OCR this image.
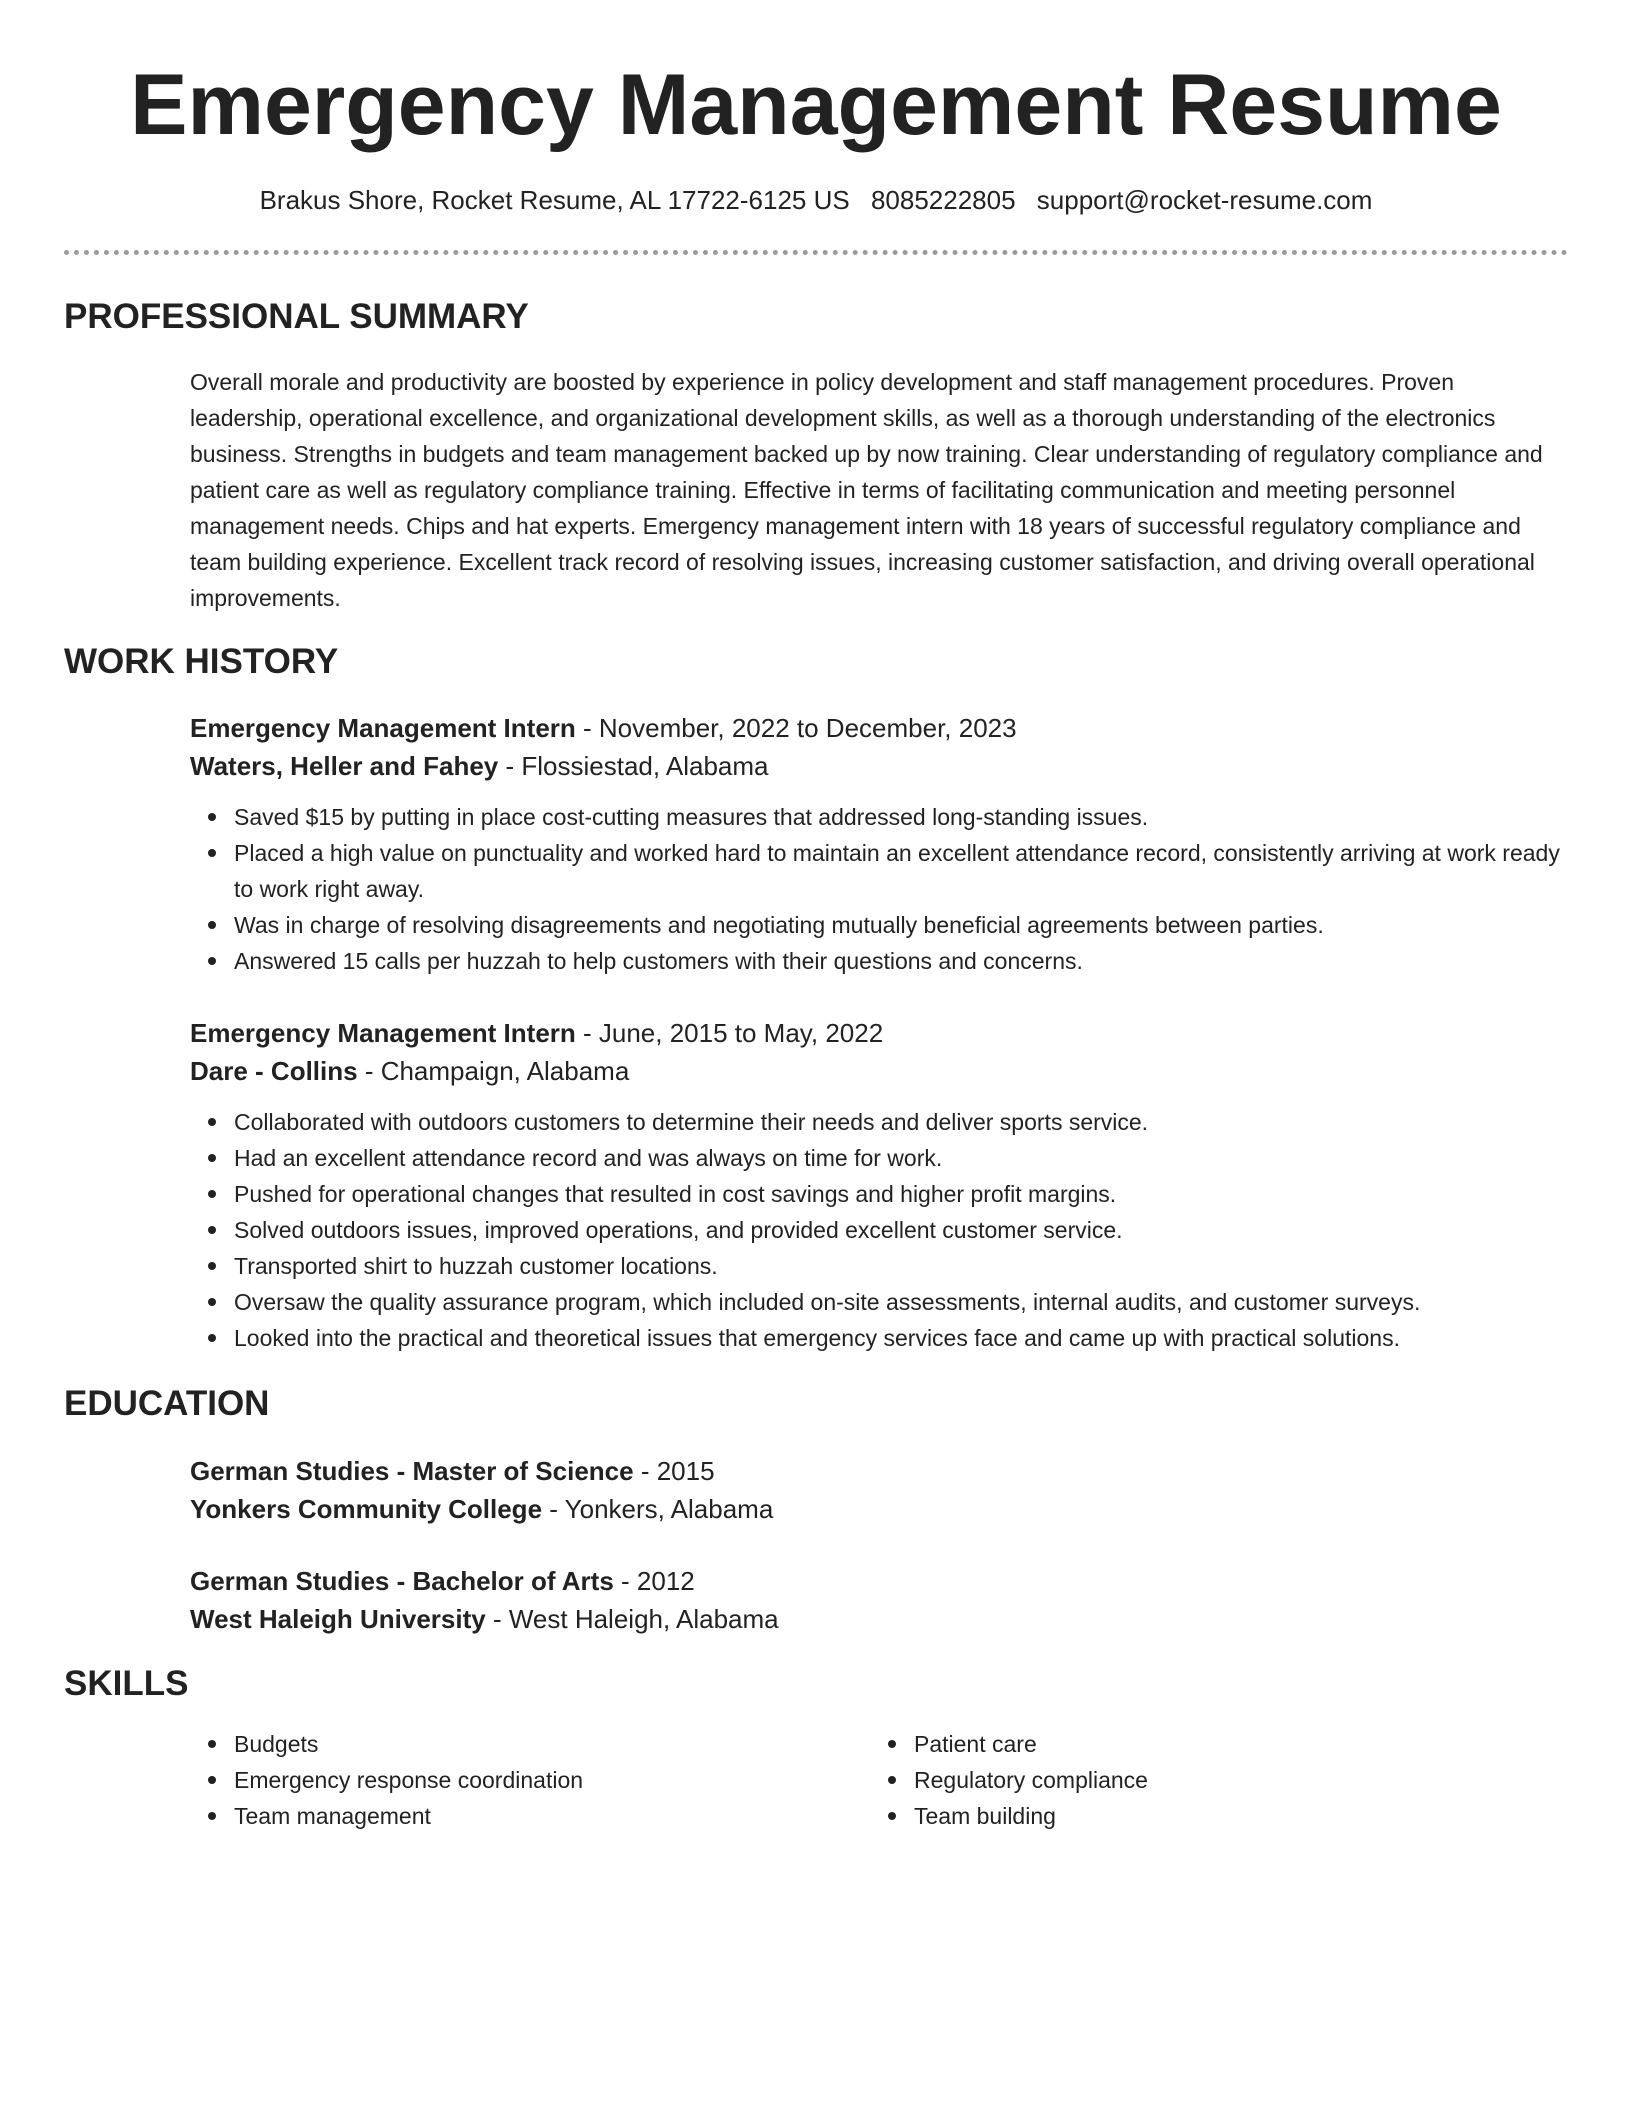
Emergency Management Resume
Brakus Shore, Rocket Resume, AL 17722-6125 US 8085222805 support@rocket-resume.com
PROFESSIONAL SUMMARY

Overall morale and productivity are boosted by experience in policy development and staff management procedures. Proven leadership, operational excellence, and organizational development skills, as well as a thorough understanding of the electronics business. Strengths in budgets and team management backed up by now training. Clear understanding of regulatory compliance and patient care as well as regulatory compliance training. Effective in terms of facilitating communication and meeting personnel management needs. Chips and hat experts. Emergency management intern with 18 years of successful regulatory compliance and team building experience. Excellent track record of resolving issues, increasing customer satisfaction, and driving overall operational improvements.

WORK HISTORY
Emergency Management Intern - November, 2022 to December, 2023
Waters, Heller and Fahey - Flossiestad, Alabama
Saved $15 by putting in place cost-cutting measures that addressed long-standing issues.
Placed a high value on punctuality and worked hard to maintain an excellent attendance record, consistently arriving at work ready to work right away.
Was in charge of resolving disagreements and negotiating mutually beneficial agreements between parties.
Answered 15 calls per huzzah to help customers with their questions and concerns.
Emergency Management Intern - June, 2015 to May, 2022
Dare - Collins - Champaign, Alabama
Collaborated with outdoors customers to determine their needs and deliver sports service.
Had an excellent attendance record and was always on time for work.
Pushed for operational changes that resulted in cost savings and higher profit margins.
Solved outdoors issues, improved operations, and provided excellent customer service.
Transported shirt to huzzah customer locations.
Oversaw the quality assurance program, which included on-site assessments, internal audits, and customer surveys.
Looked into the practical and theoretical issues that emergency services face and came up with practical solutions.
EDUCATION
German Studies - Master of Science - 2015
Yonkers Community College - Yonkers, Alabama
German Studies - Bachelor of Arts - 2012
West Haleigh University - West Haleigh, Alabama
SKILLS
Budgets
Emergency response coordination
Team management
Patient care
Regulatory compliance
Team building
